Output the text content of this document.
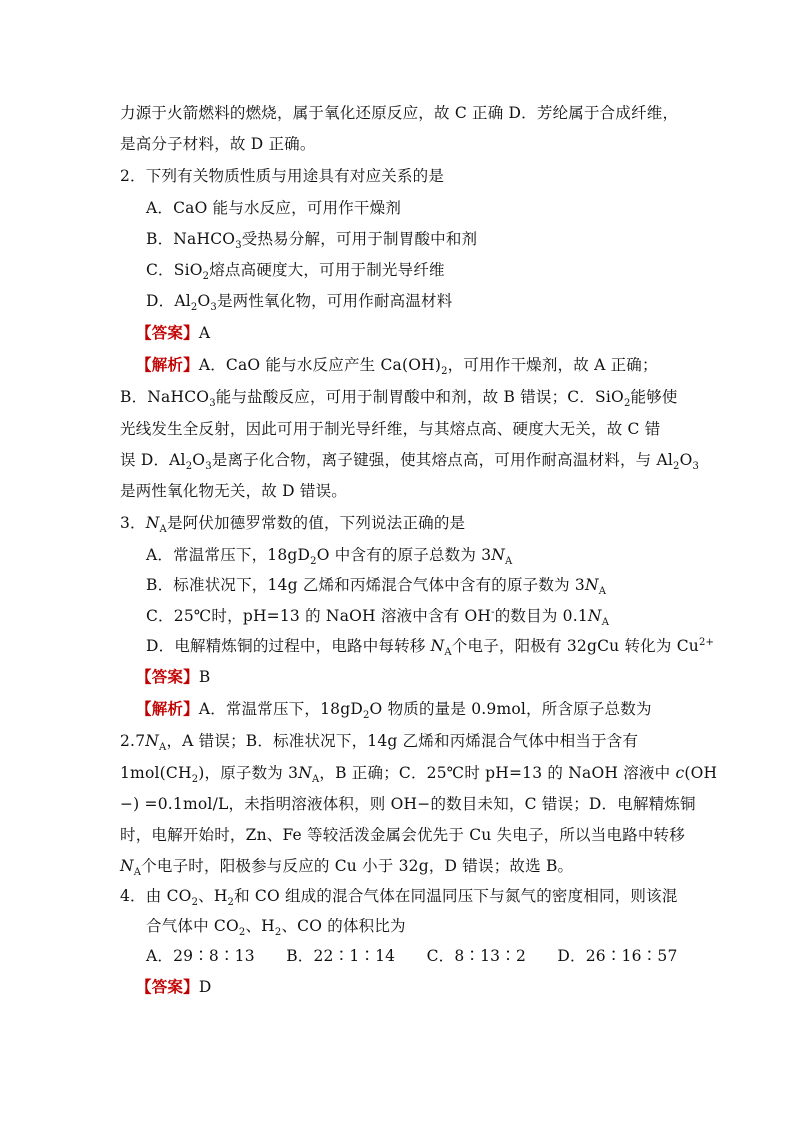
力源于火箭燃料的燃烧，属于氧化还原反应，故 C 正确 D．芳纶属于合成纤维，
是高分子材料，故 D 正确。
2．下列有关物质性质与用途具有对应关系的是
A．CaO 能与水反应，可用作干燥剂
B．NaHCO$_3$受热易分解，可用于制胃酸中和剂
C．SiO$_2$熔点高硬度大，可用于制光导纤维
D．$Al_2O_3$是两性氧化物，可用作耐高温材料
【答案】A
【解析】A．CaO 能与水反应产生 $Ca(OH)_2$，可用作干燥剂，故 A 正确；
B．NaHCO$_3$能与盐酸反应，可用于制胃酸中和剂，故 B 错误；C．SiO$_2$能够使
光线发生全反射，因此可用于制光导纤维，与其熔点高、硬度大无关，故 C 错
误 D．$Al_2O_3$是离子化合物，离子键强，使其熔点高，可用作耐高温材料，与 $Al_2O_3$
是两性氧化物无关，故 D 错误。
3．$N_A$是阿伏加德罗常数的值，下列说法正确的是
A．常温常压下，$18gD_2O$ 中含有的原子总数为 $3N_A$
B．标准状况下，14g 乙烯和丙烯混合气体中含有的原子数为 $3N_A$
C．25℃时，pH=13 的 NaOH 溶液中含有 OH-的数目为 $0.1N_A$
D．电解精炼铜的过程中，电路中每转移 $N_A$个电子，阳极有 32gCu 转化为 $Cu^{2+}$
【答案】B
【解析】A．常温常压下，$18gD_2O$ 物质的量是 0.9mol，所含原子总数为
$2.7N_A$，A 错误；B．标准状况下，14g 乙烯和丙烯混合气体中相当于含有
$1mol(CH_2)$，原子数为 $3N_A$，B 正确；C．25℃时 pH=13 的 NaOH 溶液中 c(OH
−) =0.1mol/L，未指明溶液体积，则 OH−的数目未知，C 错误；D．电解精炼铜
时，电解开始时，Zn、Fe 等较活泼金属会优先于 Cu 失电子，所以当电路中转移
$N_A$个电子时，阳极参与反应的 Cu 小于 32g，D 错误；故选 B。
4．由 $CO_2$、$H_2$和 CO 组成的混合气体在同温同压下与氮气的密度相同，则该混
合气体中 $CO_2$、$H_2$、CO 的体积比为
A．29∶8∶13　　B．22∶1∶14　　C．8∶13∶2　　D．26∶16∶57
【答案】D
